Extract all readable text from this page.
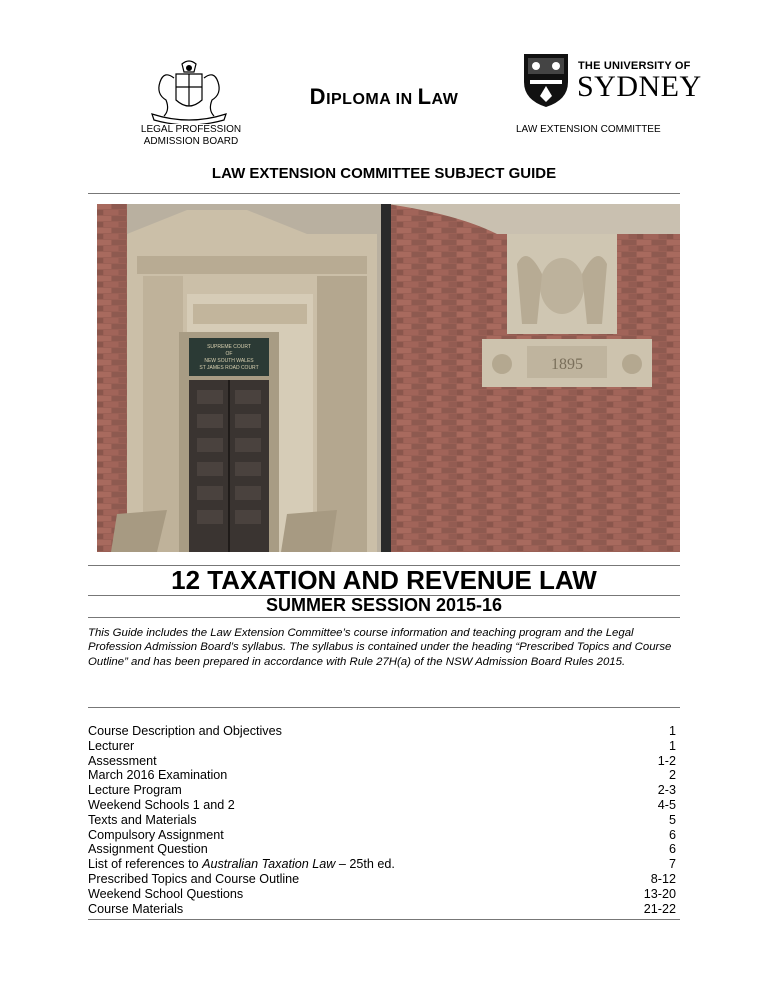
LEGAL PROFESSION
ADMISSION BOARD
DIPLOMA IN LAW
THE UNIVERSITY OF
SYDNEY
LAW EXTENSION COMMITTEE
LAW EXTENSION COMMITTEE SUBJECT GUIDE
SUPREME COURT
OF
NEW SOUTH WALES
ST JAMES ROAD COURT	1895
12 TAXATION AND REVENUE LAW
SUMMER SESSION 2015-16
This Guide includes the Law Extension Committee’s course information and teaching program and the Legal Profession Admission Board’s syllabus. The syllabus is contained under the heading “Prescribed Topics and Course Outline” and has been prepared in accordance with Rule 27H(a) of the NSW Admission Board Rules 2015.
Course Description and Objectives	1
Lecturer	1
Assessment	1-2
March 2016 Examination	2
Lecture Program	2-3
Weekend Schools 1 and 2	4-5
Texts and Materials	5
Compulsory Assignment	6
Assignment Question	6
List of references to Australian Taxation Law – 25th ed.	7
Prescribed Topics and Course Outline	8-12
Weekend School Questions	13-20
Course Materials	21-22
